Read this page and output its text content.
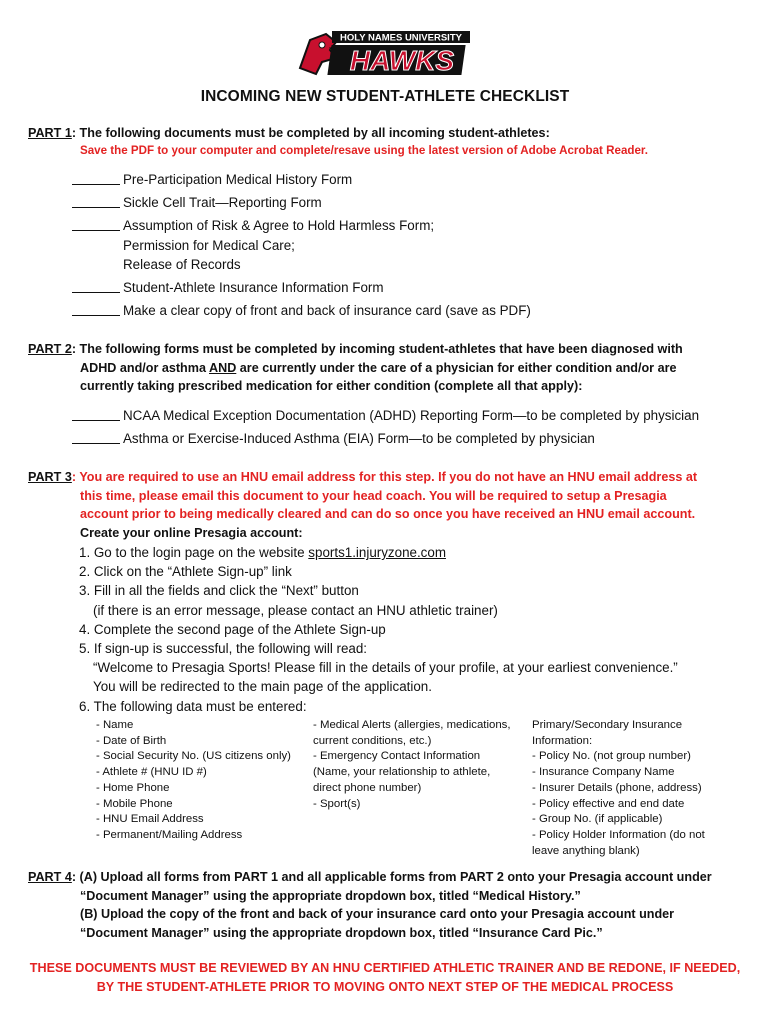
HOLY NAMES UNIVERSITY
HAWKS
INCOMING NEW STUDENT-ATHLETE CHECKLIST
PART 1: The following documents must be completed by all incoming student-athletes:
Save the PDF to your computer and complete/resave using the latest version of Adobe Acrobat Reader.
Pre-Participation Medical History Form
Sickle Cell Trait—Reporting Form
Assumption of Risk & Agree to Hold Harmless Form;
Permission for Medical Care;
Release of Records
Student-Athlete Insurance Information Form
Make a clear copy of front and back of insurance card (save as PDF)
PART 2: The following forms must be completed by incoming student-athletes that have been diagnosed with
ADHD and/or asthma AND are currently under the care of a physician for either condition and/or are
currently taking prescribed medication for either condition (complete all that apply):
NCAA Medical Exception Documentation (ADHD) Reporting Form—to be completed by physician
Asthma or Exercise-Induced Asthma (EIA) Form—to be completed by physician
PART 3: You are required to use an HNU email address for this step. If you do not have an HNU email address at
this time, please email this document to your head coach. You will be required to setup a Presagia
account prior to being medically cleared and can do so once you have received an HNU email account.
Create your online Presagia account:
1. Go to the login page on the website sports1.injuryzone.com
2. Click on the “Athlete Sign-up” link
3. Fill in all the fields and click the “Next” button
(if there is an error message, please contact an HNU athletic trainer)
4. Complete the second page of the Athlete Sign-up
5. If sign-up is successful, the following will read:
“Welcome to Presagia Sports! Please fill in the details of your profile, at your earliest convenience.”
You will be redirected to the main page of the application.
6. The following data must be entered:
- Name
- Date of Birth
- Social Security No. (US citizens only)
- Athlete # (HNU ID #)
- Home Phone
- Mobile Phone
- HNU Email Address
- Permanent/Mailing Address
- Medical Alerts (allergies, medications,
current conditions, etc.)
- Emergency Contact Information
(Name, your relationship to athlete,
direct phone number)
- Sport(s)
Primary/Secondary Insurance
Information:
- Policy No. (not group number)
- Insurance Company Name
- Insurer Details (phone, address)
- Policy effective and end date
- Group No. (if applicable)
- Policy Holder Information (do not
leave anything blank)
PART 4: (A) Upload all forms from PART 1 and all applicable forms from PART 2 onto your Presagia account under
“Document Manager” using the appropriate dropdown box, titled “Medical History.”
(B) Upload the copy of the front and back of your insurance card onto your Presagia account under
“Document Manager” using the appropriate dropdown box, titled “Insurance Card Pic.”
THESE DOCUMENTS MUST BE REVIEWED BY AN HNU CERTIFIED ATHLETIC TRAINER AND BE REDONE, IF NEEDED,
BY THE STUDENT-ATHLETE PRIOR TO MOVING ONTO NEXT STEP OF THE MEDICAL PROCESS
